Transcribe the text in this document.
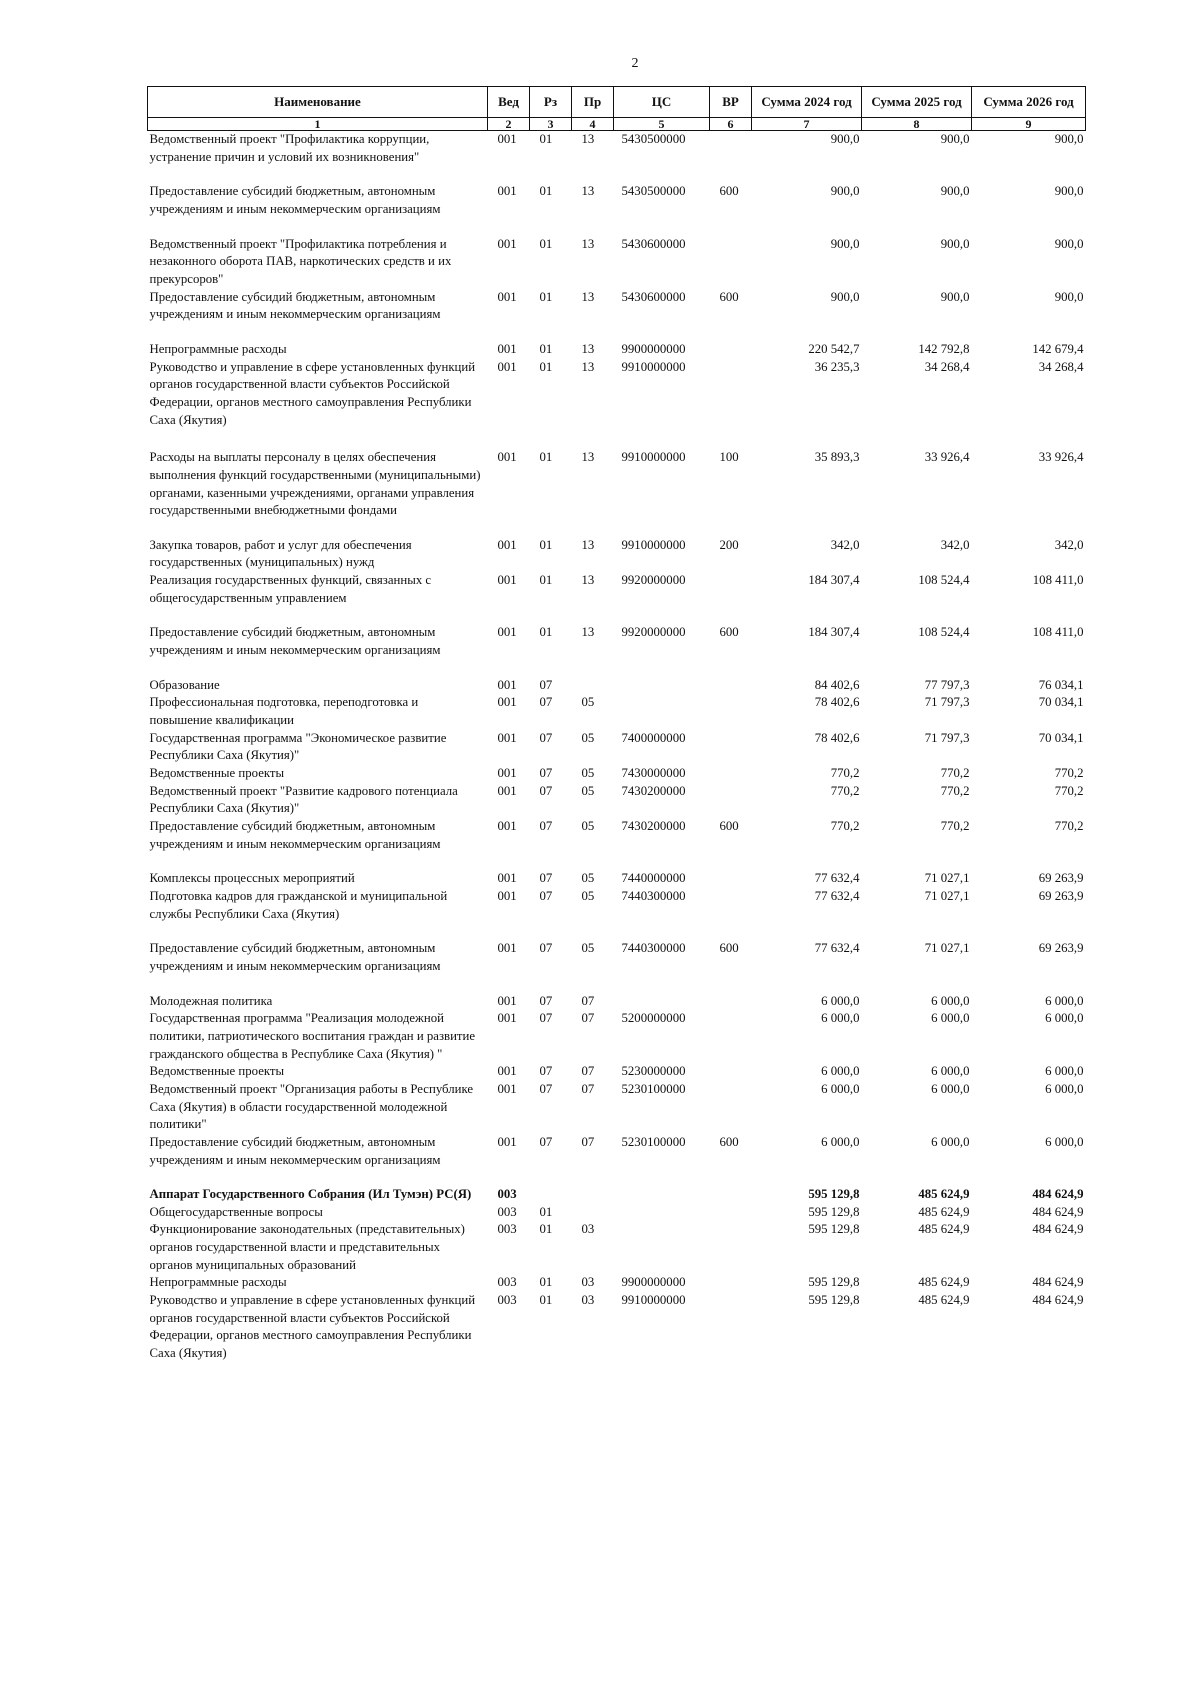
2
Наименование	Вед	Рз	Пр	ЦС	ВР	Сумма 2024 год	Сумма 2025 год	Сумма 2026 год
1	2	3	4	5	6	7	8	9
Ведомственный проект "Профилактика коррупции, устранение причин и условий их возникновения"	001	01	13	5430500000		900,0	900,0	900,0
Предоставление субсидий бюджетным, автономным учреждениям и иным некоммерческим организациям	001	01	13	5430500000	600	900,0	900,0	900,0
Ведомственный проект "Профилактика потребления и незаконного оборота ПАВ, наркотических средств и их прекурсоров"	001	01	13	5430600000		900,0	900,0	900,0
Предоставление субсидий бюджетным, автономным учреждениям и иным некоммерческим организациям	001	01	13	5430600000	600	900,0	900,0	900,0
Непрограммные расходы	001	01	13	9900000000		220 542,7	142 792,8	142 679,4
Руководство и управление в сфере установленных функций органов государственной власти субъектов Российской Федерации, органов местного самоуправления Республики Саха (Якутия)	001	01	13	9910000000		36 235,3	34 268,4	34 268,4
Расходы на выплаты персоналу в целях обеспечения выполнения функций государственными (муниципальными) органами, казенными учреждениями, органами управления государственными внебюджетными фондами	001	01	13	9910000000	100	35 893,3	33 926,4	33 926,4
Закупка товаров, работ и услуг для обеспечения государственных (муниципальных) нужд	001	01	13	9910000000	200	342,0	342,0	342,0
Реализация государственных функций, связанных с общегосударственным управлением	001	01	13	9920000000		184 307,4	108 524,4	108 411,0
Предоставление субсидий бюджетным, автономным учреждениям и иным некоммерческим организациям	001	01	13	9920000000	600	184 307,4	108 524,4	108 411,0
Образование	001	07				84 402,6	77 797,3	76 034,1
Профессиональная подготовка, переподготовка и повышение квалификации	001	07	05			78 402,6	71 797,3	70 034,1
Государственная программа "Экономическое развитие Республики Саха (Якутия)"	001	07	05	7400000000		78 402,6	71 797,3	70 034,1
Ведомственные проекты	001	07	05	7430000000		770,2	770,2	770,2
Ведомственный проект "Развитие кадрового потенциала Республики Саха (Якутия)"	001	07	05	7430200000		770,2	770,2	770,2
Предоставление субсидий бюджетным, автономным учреждениям и иным некоммерческим организациям	001	07	05	7430200000	600	770,2	770,2	770,2
Комплексы процессных мероприятий	001	07	05	7440000000		77 632,4	71 027,1	69 263,9
Подготовка кадров для гражданской и муниципальной службы Республики Саха (Якутия)	001	07	05	7440300000		77 632,4	71 027,1	69 263,9
Предоставление субсидий бюджетным, автономным учреждениям и иным некоммерческим организациям	001	07	05	7440300000	600	77 632,4	71 027,1	69 263,9
Молодежная политика	001	07	07			6 000,0	6 000,0	6 000,0
Государственная программа "Реализация молодежной политики, патриотического воспитания граждан и развитие гражданского общества в Республике Саха (Якутия) "	001	07	07	5200000000		6 000,0	6 000,0	6 000,0
Ведомственные проекты	001	07	07	5230000000		6 000,0	6 000,0	6 000,0
Ведомственный проект "Организация работы в Республике Саха (Якутия) в области государственной молодежной политики"	001	07	07	5230100000		6 000,0	6 000,0	6 000,0
Предоставление субсидий бюджетным, автономным учреждениям и иным некоммерческим организациям	001	07	07	5230100000	600	6 000,0	6 000,0	6 000,0
Аппарат Государственного Собрания (Ил Тумэн) РС(Я)	003					595 129,8	485 624,9	484 624,9
Общегосударственные вопросы	003	01				595 129,8	485 624,9	484 624,9
Функционирование законодательных (представительных) органов государственной власти и представительных органов муниципальных образований	003	01	03			595 129,8	485 624,9	484 624,9
Непрограммные расходы	003	01	03	9900000000		595 129,8	485 624,9	484 624,9
Руководство и управление в сфере установленных функций органов государственной власти субъектов Российской Федерации, органов местного самоуправления Республики Саха (Якутия)	003	01	03	9910000000		595 129,8	485 624,9	484 624,9
